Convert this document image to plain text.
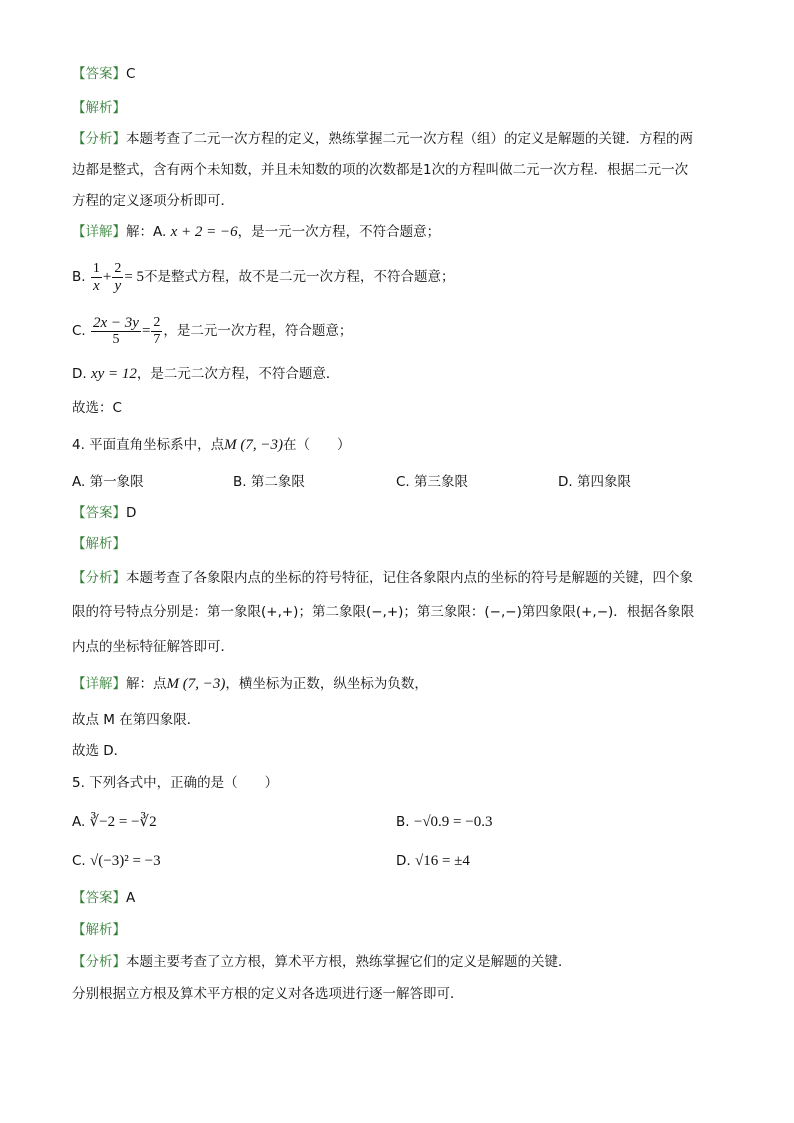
【答案】C
【解析】
【分析】本题考查了二元一次方程的定义，熟练掌握二元一次方程（组）的定义是解题的关键．方程的两
边都是整式，含有两个未知数，并且未知数的项的次数都是1次的方程叫做二元一次方程．根据二元一次
方程的定义逐项分析即可．
【详解】解：A. x + 2 = −6，是一元一次方程，不符合题意；
B. $\frac{1}{x} + \frac{2}{y} = 5$不是整式方程，故不是二元一次方程，不符合题意；
C. $\frac{2x - 3y}{5} = \frac{2}{7}$ ，是二元一次方程，符合题意；
D. xy = 12，是二元二次方程，不符合题意．
故选：C
4. 平面直角坐标系中，点M (7, −3)在（　　）
A. 第一象限	B. 第二象限	C. 第三象限	D. 第四象限
【答案】D
【解析】
【分析】本题考查了各象限内点的坐标的符号特征，记住各象限内点的坐标的符号是解题的关键，四个象
限的符号特点分别是：第一象限(+,+)；第二象限(−,+)；第三象限：(−,−)第四象限(+,−)．根据各象限
内点的坐标特征解答即可．
【详解】解：点M (7, −3)，横坐标为正数，纵坐标为负数，
故点 M 在第四象限．
故选 D．
5. 下列各式中，正确的是（　　）
A. ∛−2 = −∛2	B. −√0.9 = −0.3
C. √(−3)² = −3	D. √16 = ±4
【答案】A
【解析】
【分析】本题主要考查了立方根，算术平方根，熟练掌握它们的定义是解题的关键．
分别根据立方根及算术平方根的定义对各选项进行逐一解答即可．
